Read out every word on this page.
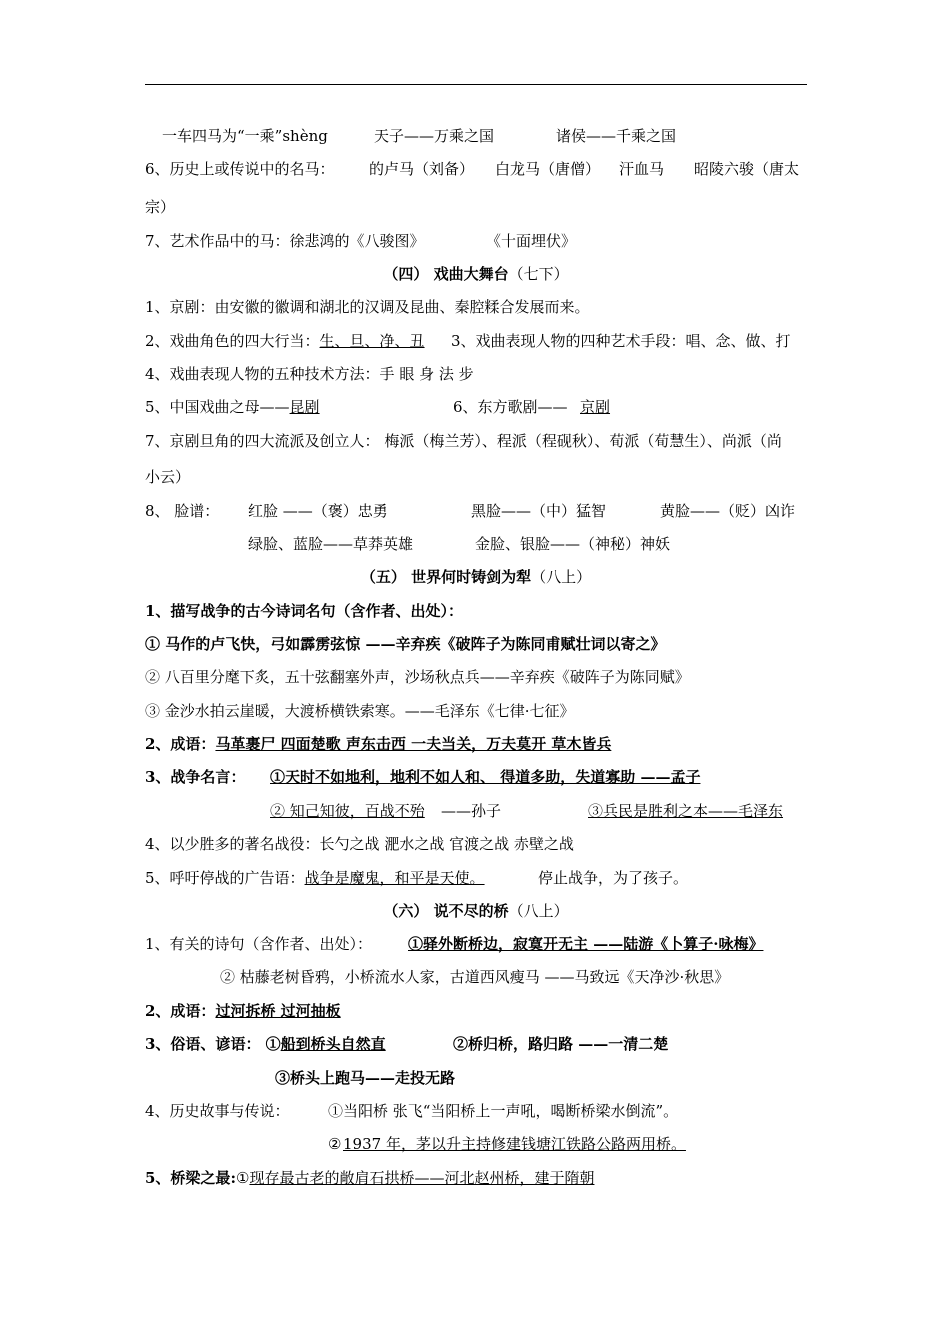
一车四马为“一乘”shèng	天子——万乘之国	诸侯——千乘之国
6、历史上或传说中的名马： 的卢马（刘备） 白龙马（唐僧） 汗血马 昭陵六骏（唐太
宗）
7、艺术作品中的马：徐悲鸿的《八骏图》	《十面埋伏》
（四） 戏曲大舞台（七下）
1、京剧：由安徽的徽调和湖北的汉调及昆曲、秦腔糅合发展而来。
2、戏曲角色的四大行当：生、旦、净、丑 3、戏曲表现人物的四种艺术手段：唱、念、做、打
4、戏曲表现人物的五种技术方法：手 眼 身 法 步
5、中国戏曲之母——昆剧	6、东方歌剧—— 京剧
7、京剧旦角的四大流派及创立人： 梅派（梅兰芳）、程派（程砚秋）、荀派（荀慧生）、尚派（尚
小云）
8、 脸谱： 红脸 ——（褒）忠勇	黑脸——（中）猛智	黄脸——（贬）凶诈
绿脸、蓝脸——草莽英雄	金脸、银脸——（神秘）神妖
（五） 世界何时铸剑为犁（八上）
1、描写战争的古今诗词名句（含作者、出处）：
① 马作的卢飞快，弓如霹雳弦惊 ——辛弃疾《破阵子为陈同甫赋壮词以寄之》
② 八百里分麾下炙，五十弦翻塞外声，沙场秋点兵——辛弃疾《破阵子为陈同赋》
③ 金沙水拍云崖暖，大渡桥横铁索寒。——毛泽东《七律·七征》
2、成语：马革裹尸 四面楚歌 声东击西 一夫当关，万夫莫开 草木皆兵
3、战争名言： ①天时不如地利，地利不如人和、 得道多助，失道寡助 ——孟子
② 知己知彼，百战不殆 ——孙子	③兵民是胜利之本——毛泽东
4、以少胜多的著名战役：长勺之战 淝水之战 官渡之战 赤壁之战
5、呼吁停战的广告语：战争是魔鬼，和平是天使。	停止战争，为了孩子。
（六） 说不尽的桥（八上）
1、有关的诗句（含作者、出处）： ①驿外断桥边，寂寞开无主 ——陆游《卜算子·咏梅》
② 枯藤老树昏鸦，小桥流水人家，古道西风瘦马 ——马致远《天净沙·秋思》
2、成语：过河拆桥 过河抽板
3、俗语、谚语： ①船到桥头自然直	②桥归桥，路归路 ——一清二楚
③桥头上跑马——走投无路
4、历史故事与传说：	①当阳桥 张飞“当阳桥上一声吼，喝断桥梁水倒流”。
② 1937 年，茅以升主持修建钱塘江铁路公路两用桥。
5、桥梁之最:①现存最古老的敞肩石拱桥——河北赵州桥，建于隋朝
